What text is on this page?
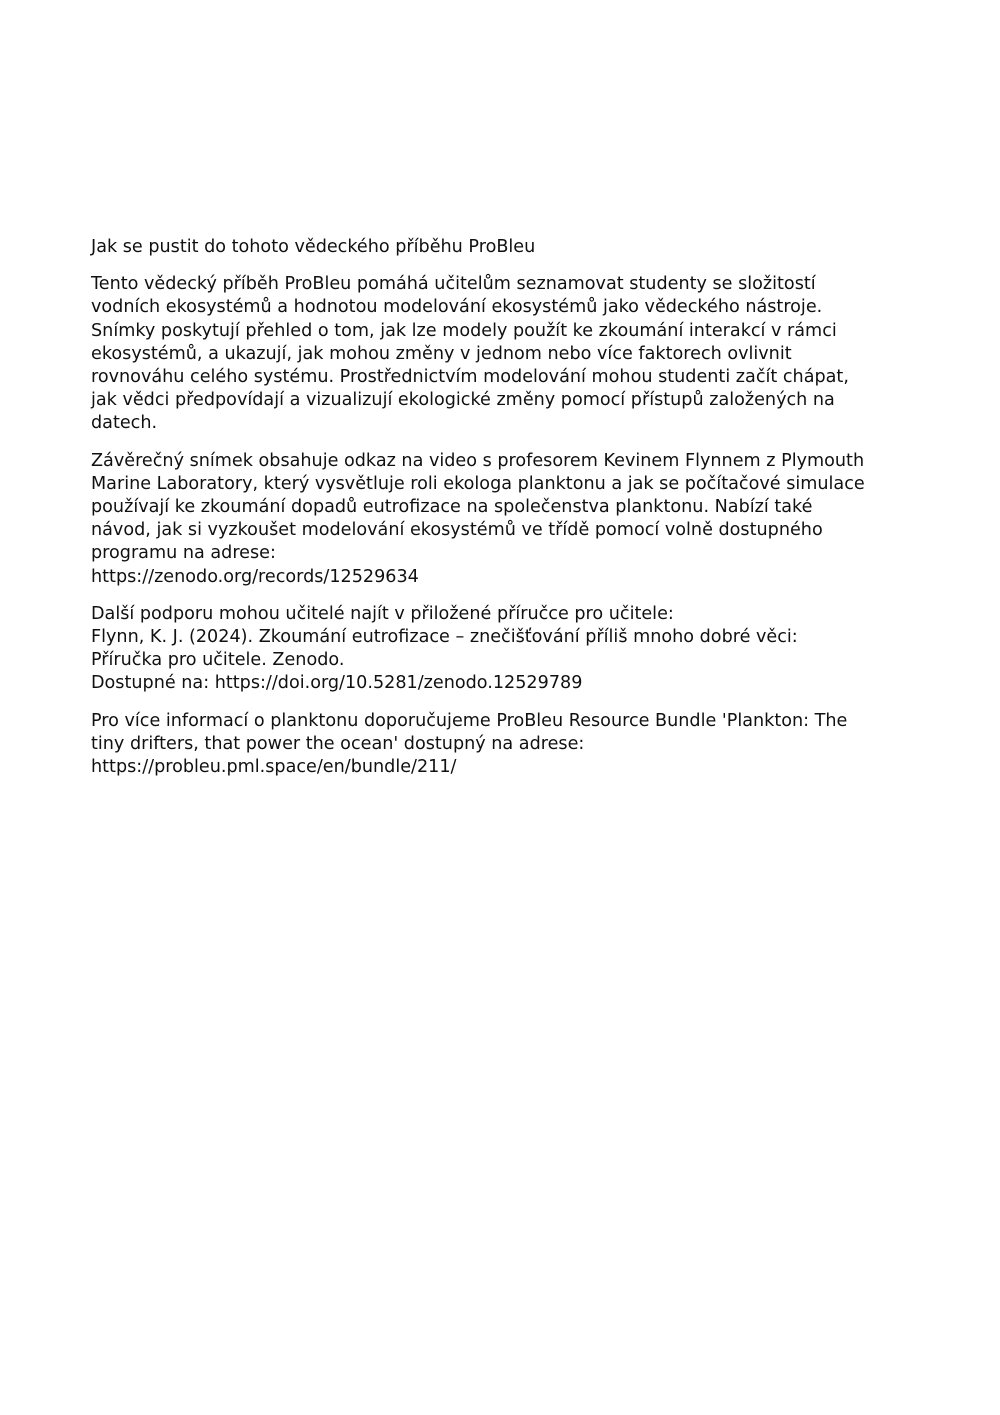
Jak se pustit do tohoto vědeckého příběhu ProBleu

Tento vědecký příběh ProBleu pomáhá učitelům seznamovat studenty se složitostí
vodních ekosystémů a hodnotou modelování ekosystémů jako vědeckého nástroje.
Snímky poskytují přehled o tom, jak lze modely použít ke zkoumání interakcí v rámci
ekosystémů, a ukazují, jak mohou změny v jednom nebo více faktorech ovlivnit
rovnováhu celého systému. Prostřednictvím modelování mohou studenti začít chápat,
jak vědci předpovídají a vizualizují ekologické změny pomocí přístupů založených na
datech.

Závěrečný snímek obsahuje odkaz na video s profesorem Kevinem Flynnem z Plymouth
Marine Laboratory, který vysvětluje roli ekologa planktonu a jak se počítačové simulace
používají ke zkoumání dopadů eutrofizace na společenstva planktonu. Nabízí také
návod, jak si vyzkoušet modelování ekosystémů ve třídě pomocí volně dostupného
programu na adrese:
https://zenodo.org/records/12529634

Další podporu mohou učitelé najít v přiložené příručce pro učitele:
Flynn, K. J. (2024). Zkoumání eutrofizace – znečišťování příliš mnoho dobré věci:
Příručka pro učitele. Zenodo.
Dostupné na: https://doi.org/10.5281/zenodo.12529789

Pro více informací o planktonu doporučujeme ProBleu Resource Bundle 'Plankton: The
tiny drifters, that power the ocean' dostupný na adrese:
https://probleu.pml.space/en/bundle/211/
